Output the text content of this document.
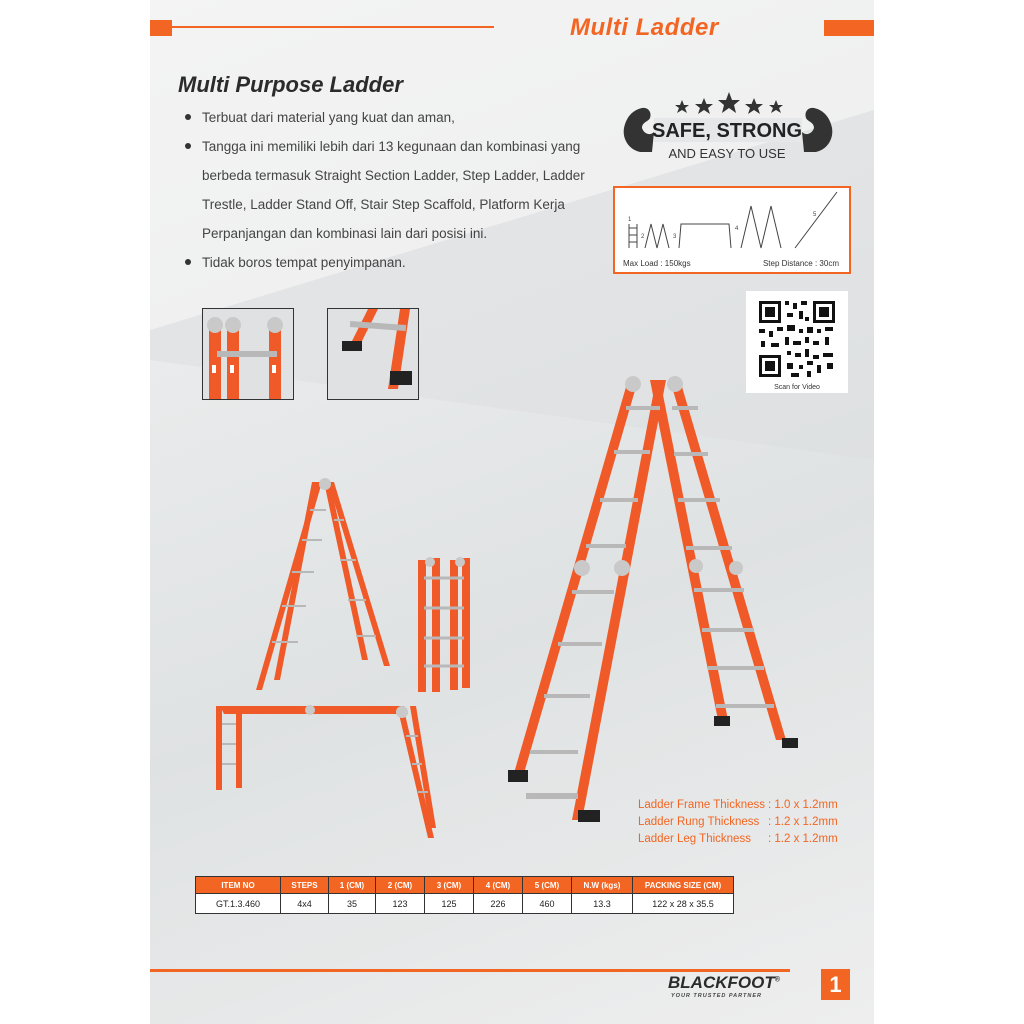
Multi Ladder
Multi Purpose Ladder
Terbuat dari material yang kuat dan aman,
Tangga ini memiliki lebih dari 13 kegunaan dan kombinasi yang berbeda termasuk Straight Section Ladder, Step Ladder, Ladder Trestle, Ladder Stand Off, Stair Step Scaffold, Platform Kerja Perpanjangan dan kombinasi lain dari posisi ini.
Tidak boros tempat penyimpanan.
SAFE, STRONG
AND EASY TO USE
1
2	3
4
5
Max Load : 150kgs	Step Distance : 30cm
Scan for Video
Ladder Frame Thickness : 1.0 x 1.2mm
Ladder Rung Thickness : 1.2 x 1.2mm
Ladder Leg Thickness : 1.2 x 1.2mm
ITEM NO	STEPS	1 (CM)	2 (CM)	3 (CM)	4 (CM)	5 (CM)	N.W (kgs)	PACKING SIZE (CM)
GT.1.3.460	4x4	35	123	125	226	460	13.3	122 x 28 x 35.5
BLACKFOOT®
YOUR TRUSTED PARTNER	1
